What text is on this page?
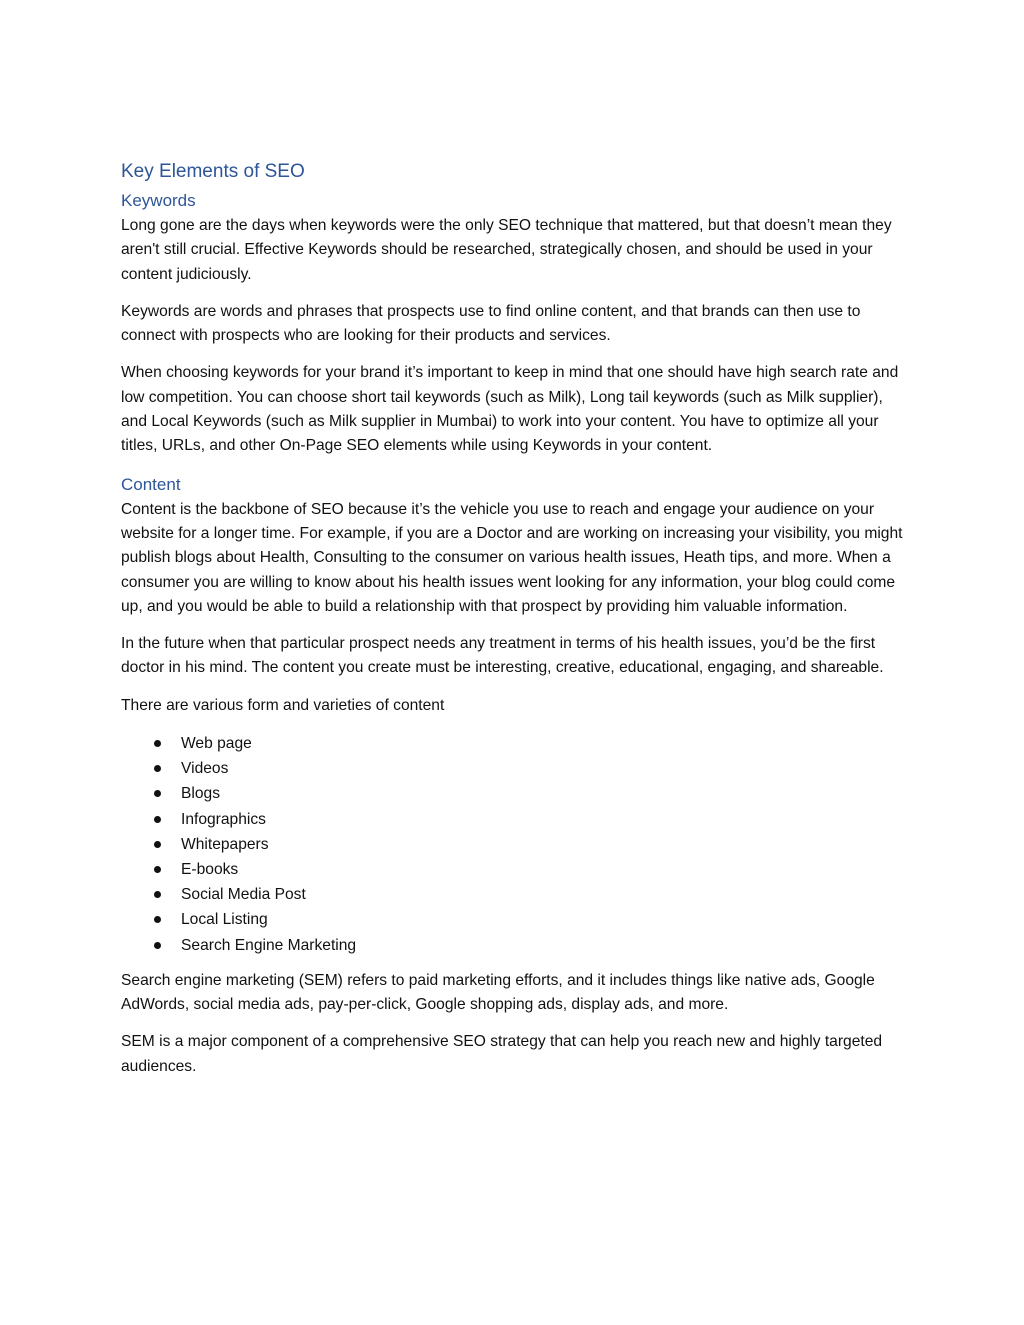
Key Elements of SEO
Keywords

Long gone are the days when keywords were the only SEO technique that mattered, but that doesn’t mean they aren't still crucial. Effective Keywords should be researched, strategically chosen, and should be used in your content judiciously.

Keywords are words and phrases that prospects use to find online content, and that brands can then use to connect with prospects who are looking for their products and services.

When choosing keywords for your brand it’s important to keep in mind that one should have high search rate and low competition. You can choose short tail keywords (such as Milk), Long tail keywords (such as Milk supplier), and Local Keywords (such as Milk supplier in Mumbai) to work into your content. You have to optimize all your titles, URLs, and other On-Page SEO elements while using Keywords in your content.

Content

Content is the backbone of SEO because it’s the vehicle you use to reach and engage your audience on your website for a longer time. For example, if you are a Doctor and are working on increasing your visibility, you might publish blogs about Health, Consulting to the consumer on various health issues, Heath tips, and more. When a consumer you are willing to know about his health issues went looking for any information, your blog could come up, and you would be able to build a relationship with that prospect by providing him valuable information.

In the future when that particular prospect needs any treatment in terms of his health issues, you’d be the first doctor in his mind. The content you create must be interesting, creative, educational, engaging, and shareable.

There are various form and varieties of content

Web page
Videos
Blogs
Infographics
Whitepapers
E-books
Social Media Post
Local Listing
Search Engine Marketing

Search engine marketing (SEM) refers to paid marketing efforts, and it includes things like native ads, Google AdWords, social media ads, pay-per-click, Google shopping ads, display ads, and more.

SEM is a major component of a comprehensive SEO strategy that can help you reach new and highly targeted audiences.
